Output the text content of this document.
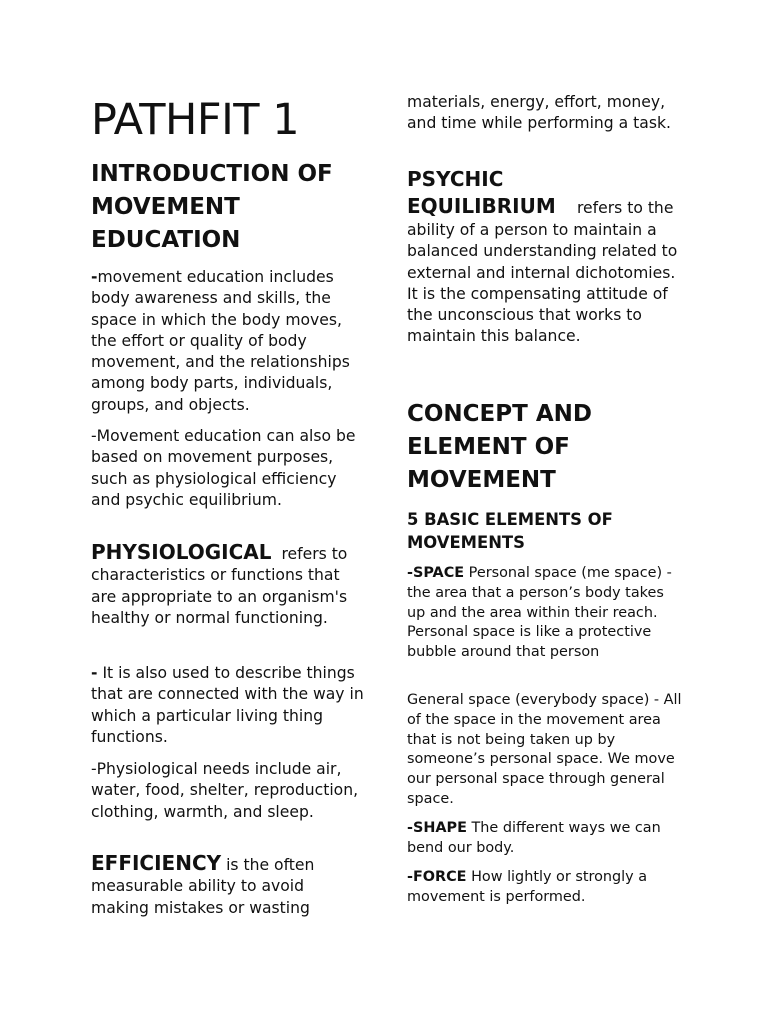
PATHFIT 1

INTRODUCTION OF MOVEMENT EDUCATION

-movement education includes body awareness and skills, the space in which the body moves, the effort or quality of body movement, and the relationships among body parts, individuals, groups, and objects.

-Movement education can also be based on movement purposes, such as physiological efficiency and psychic equilibrium.

PHYSIOLOGICAL refers to characteristics or functions that are appropriate to an organism's healthy or normal functioning.

- It is also used to describe things that are connected with the way in which a particular living thing functions.

-Physiological needs include air, water, food, shelter, reproduction, clothing, warmth, and sleep.

EFFICIENCY is the often measurable ability to avoid making mistakes or wasting

materials, energy, effort, money, and time while performing a task.

PSYCHIC EQUILIBRIUM refers to the ability of a person to maintain a balanced understanding related to external and internal dichotomies. It is the compensating attitude of the unconscious that works to maintain this balance.

CONCEPT AND ELEMENT OF MOVEMENT

5 BASIC ELEMENTS OF MOVEMENTS

-SPACE Personal space (me space) - the area that a person’s body takes up and the area within their reach. Personal space is like a protective bubble around that person

General space (everybody space) - All of the space in the movement area that is not being taken up by someone’s personal space. We move our personal space through general space.

-SHAPE The different ways we can bend our body.

-FORCE How lightly or strongly a movement is performed.
